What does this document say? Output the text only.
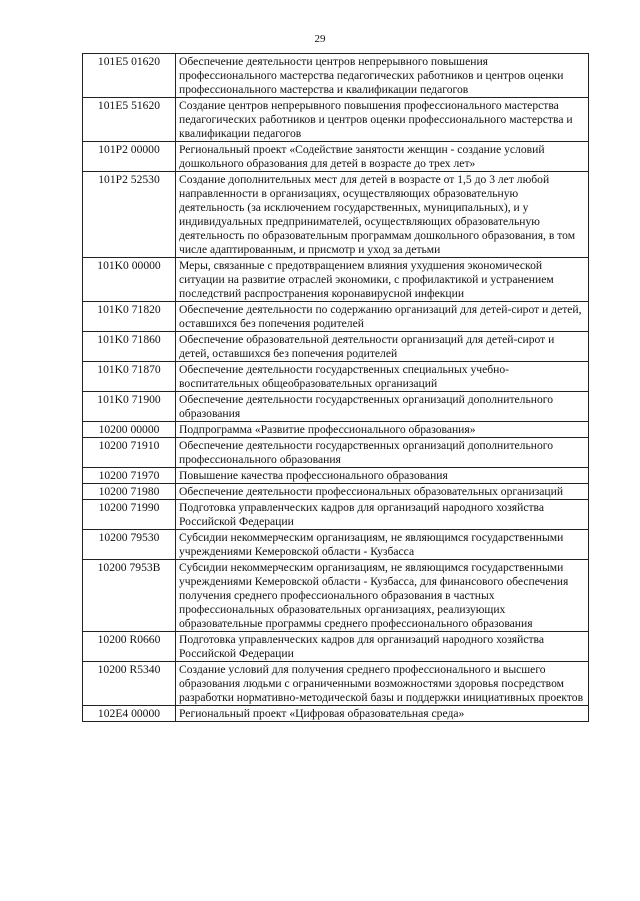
29
101E5 01620	Обеспечение деятельности центров непрерывного повышения профессионального мастерства педагогических работников и центров оценки профессионального мастерства и квалификации педагогов
101E5 51620	Создание центров непрерывного повышения профессионального мастерства педагогических работников и центров оценки профессионального мастерства и квалификации педагогов
101P2 00000	Региональный проект «Содействие занятости женщин - создание условий дошкольного образования для детей в возрасте до трех лет»
101P2 52530	Создание дополнительных мест для детей в возрасте от 1,5 до 3 лет любой направленности в организациях, осуществляющих образовательную деятельность (за исключением государственных, муниципальных), и у индивидуальных предпринимателей, осуществляющих образовательную деятельность по образовательным программам дошкольного образования, в том числе адаптированным, и присмотр и уход за детьми
101K0 00000	Меры, связанные с предотвращением влияния ухудшения экономической ситуации на развитие отраслей экономики, с профилактикой и устранением последствий распространения коронавирусной инфекции
101K0 71820	Обеспечение деятельности по содержанию организаций для детей-сирот и детей, оставшихся без попечения родителей
101K0 71860	Обеспечение образовательной деятельности организаций для детей-сирот и детей, оставшихся без попечения родителей
101K0 71870	Обеспечение деятельности государственных специальных учебно-воспитательных общеобразовательных организаций
101K0 71900	Обеспечение деятельности государственных организаций дополнительного образования
10200 00000	Подпрограмма «Развитие профессионального образования»
10200 71910	Обеспечение деятельности государственных организаций дополнительного профессионального образования
10200 71970	Повышение качества профессионального образования
10200 71980	Обеспечение деятельности профессиональных образовательных организаций
10200 71990	Подготовка управленческих кадров для организаций народного хозяйства Российской Федерации
10200 79530	Субсидии некоммерческим организациям, не являющимся государственными учреждениями Кемеровской области - Кузбасса
10200 7953B	Субсидии некоммерческим организациям, не являющимся государственными учреждениями Кемеровской области - Кузбасса, для финансового обеспечения получения среднего профессионального образования в частных профессиональных образовательных организациях, реализующих образовательные программы среднего профессионального образования
10200 R0660	Подготовка управленческих кадров для организаций народного хозяйства Российской Федерации
10200 R5340	Создание условий для получения среднего профессионального и высшего образования людьми с ограниченными возможностями здоровья посредством разработки нормативно-методической базы и поддержки инициативных проектов
102E4 00000	Региональный проект «Цифровая образовательная среда»
